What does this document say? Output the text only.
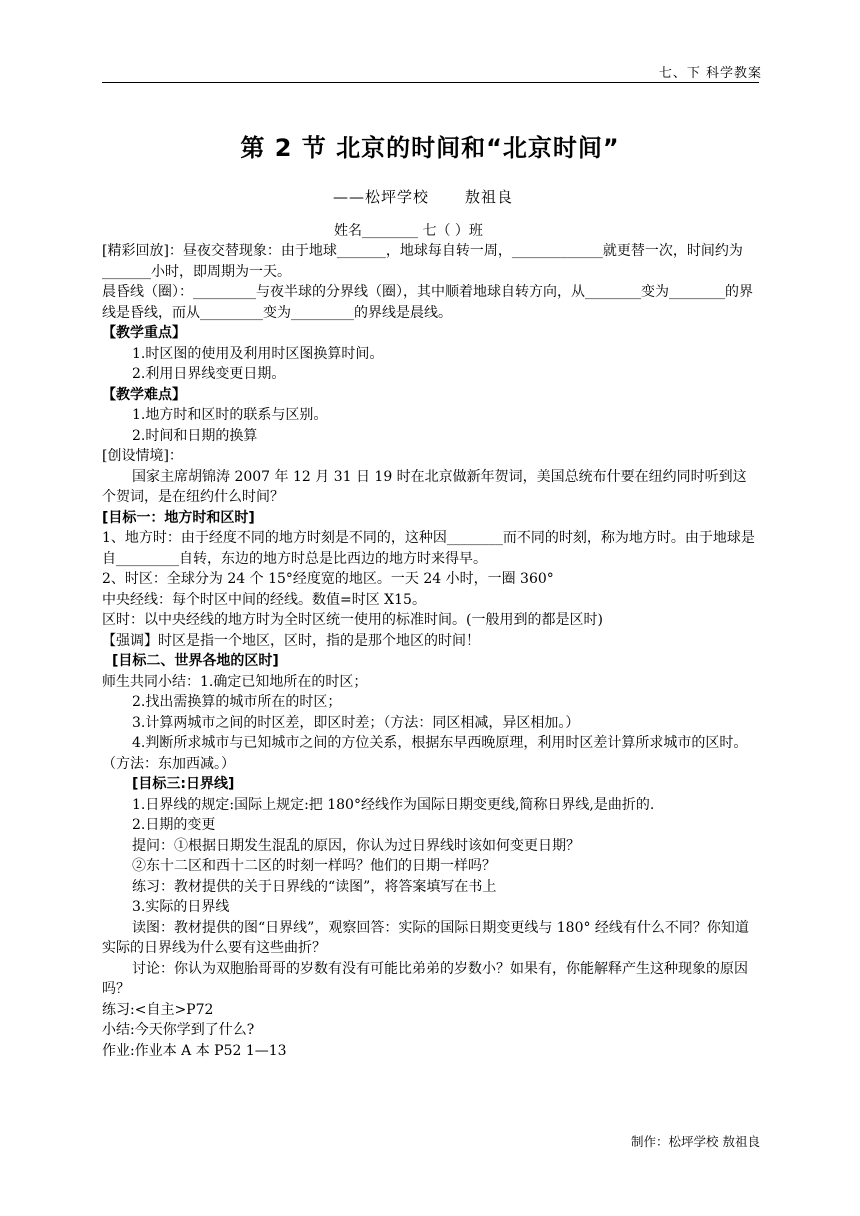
七、下 科学教案
第 2 节 北京的时间和“北京时间”
——松坪学校 敖祖良
姓名________ 七（ ）班

[精彩回放]：昼夜交替现象：由于地球_______，地球每自转一周，_____________就更替一次，时间约为_______小时，即周期为一天。

晨昏线（圈）：_________与夜半球的分界线（圈），其中顺着地球自转方向，从________变为________的界线是昏线，而从_________变为_________的界线是晨线。

【教学重点】

1.时区图的使用及利用时区图换算时间。

2.利用日界线变更日期。

【教学难点】

1.地方时和区时的联系与区别。

2.时间和日期的换算

[创设情境]：

国家主席胡锦涛 2007 年 12 月 31 日 19 时在北京做新年贺词，美国总统布什要在纽约同时听到这个贺词，是在纽约什么时间？

[目标一：地方时和区时]

1、地方时：由于经度不同的地方时刻是不同的，这种因________而不同的时刻，称为地方时。由于地球是自_________自转，东边的地方时总是比西边的地方时来得早。

2、时区：全球分为 24 个 15°经度宽的地区。一天 24 小时，一圈 360°

中央经线：每个时区中间的经线。数值=时区 X15。

区时：以中央经线的地方时为全时区统一使用的标准时间。(一般用到的都是区时)

【强调】时区是指一个地区，区时，指的是那个地区的时间！

[目标二、世界各地的区时]

师生共同小结：1.确定已知地所在的时区；

2.找出需换算的城市所在的时区；

3.计算两城市之间的时区差，即区时差；（方法：同区相减，异区相加。）

4.判断所求城市与已知城市之间的方位关系，根据东早西晚原理，利用时区差计算所求城市的区时。（方法：东加西减。）

[目标三:日界线]

1.日界线的规定:国际上规定:把 180°经线作为国际日期变更线,简称日界线,是曲折的.

2.日期的变更

提问：①根据日期发生混乱的原因，你认为过日界线时该如何变更日期？

②东十二区和西十二区的时刻一样吗？他们的日期一样吗？

练习：教材提供的关于日界线的“读图”，将答案填写在书上

3.实际的日界线

读图：教材提供的图“日界线”，观察回答：实际的国际日期变更线与 180° 经线有什么不同？你知道实际的日界线为什么要有这些曲折？

讨论：你认为双胞胎哥哥的岁数有没有可能比弟弟的岁数小？如果有，你能解释产生这种现象的原因吗？

练习:<自主>P72

小结:今天你学到了什么?

作业:作业本 A 本 P52 1—13

制作：松坪学校 敖祖良
